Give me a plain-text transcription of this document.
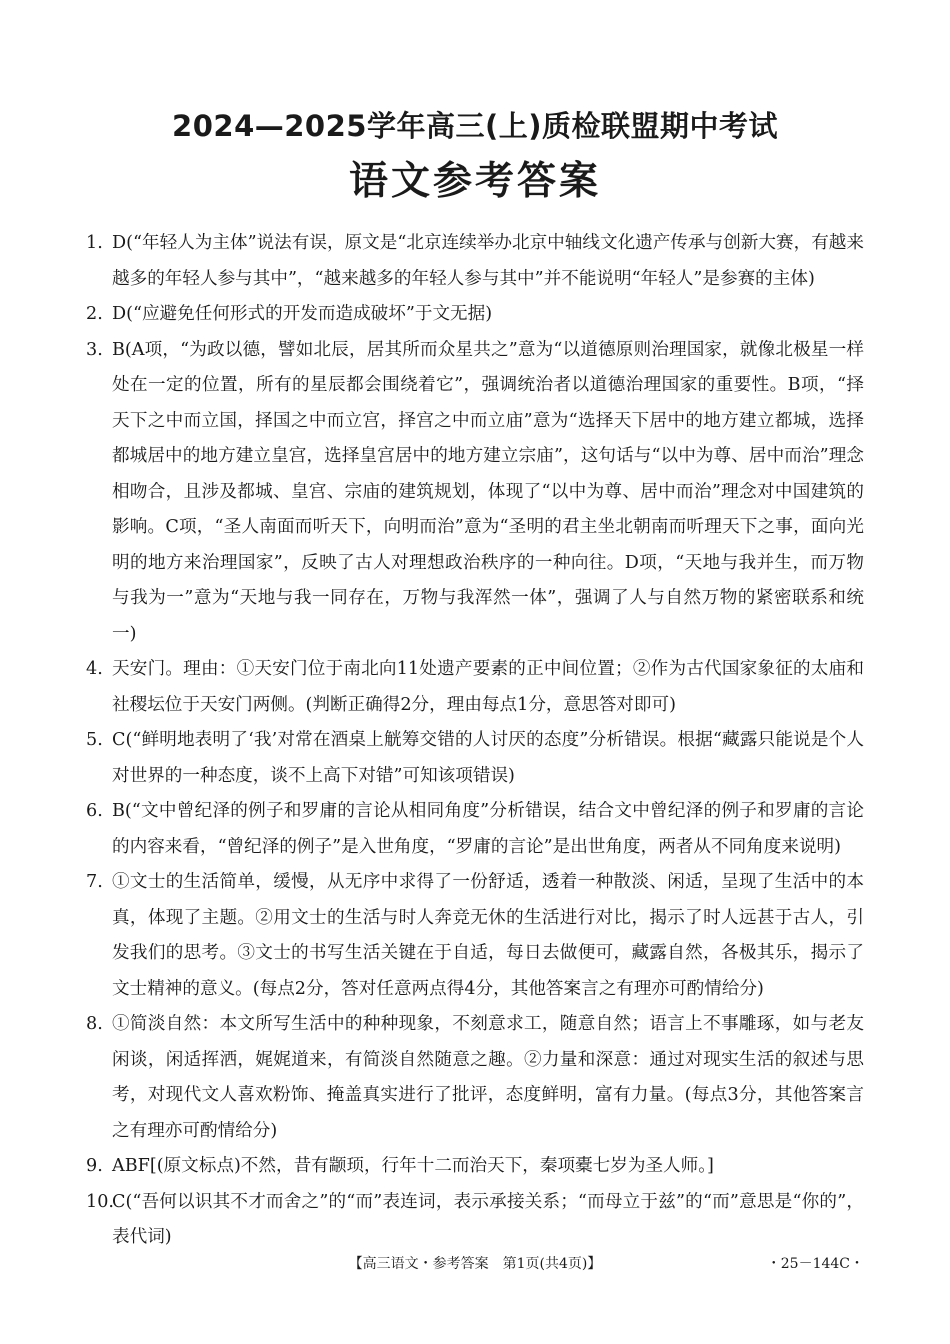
2024—2025学年高三(上)质检联盟期中考试
语文参考答案
1. D(“年轻人为主体”说法有误，原文是“北京连续举办北京中轴线文化遗产传承与创新大赛，有越来越多的年轻人参与其中”，“越来越多的年轻人参与其中”并不能说明“年轻人”是参赛的主体)
2. D(“应避免任何形式的开发而造成破坏”于文无据)
3. B(A项，“为政以德，譬如北辰，居其所而众星共之”意为“以道德原则治理国家，就像北极星一样处在一定的位置，所有的星辰都会围绕着它”，强调统治者以道德治理国家的重要性。B项，“择天下之中而立国，择国之中而立宫，择宫之中而立庙”意为“选择天下居中的地方建立都城，选择都城居中的地方建立皇宫，选择皇宫居中的地方建立宗庙”，这句话与“以中为尊、居中而治”理念相吻合，且涉及都城、皇宫、宗庙的建筑规划，体现了“以中为尊、居中而治”理念对中国建筑的影响。C项，“圣人南面而听天下，向明而治”意为“圣明的君主坐北朝南而听理天下之事，面向光明的地方来治理国家”，反映了古人对理想政治秩序的一种向往。D项，“天地与我并生，而万物与我为一”意为“天地与我一同存在，万物与我浑然一体”，强调了人与自然万物的紧密联系和统一)
4. 天安门。理由：①天安门位于南北向11处遗产要素的正中间位置；②作为古代国家象征的太庙和社稷坛位于天安门两侧。(判断正确得2分，理由每点1分，意思答对即可)
5. C(“鲜明地表明了‘我’对常在酒桌上觥筹交错的人讨厌的态度”分析错误。根据“藏露只能说是个人对世界的一种态度，谈不上高下对错”可知该项错误)
6. B(“文中曾纪泽的例子和罗庸的言论从相同角度”分析错误，结合文中曾纪泽的例子和罗庸的言论的内容来看，“曾纪泽的例子”是入世角度，“罗庸的言论”是出世角度，两者从不同角度来说明)
7. ①文士的生活简单，缓慢，从无序中求得了一份舒适，透着一种散淡、闲适，呈现了生活中的本真，体现了主题。②用文士的生活与时人奔竞无休的生活进行对比，揭示了时人远甚于古人，引发我们的思考。③文士的书写生活关键在于自适，每日去做便可，藏露自然，各极其乐，揭示了文士精神的意义。(每点2分，答对任意两点得4分，其他答案言之有理亦可酌情给分)
8. ①简淡自然：本文所写生活中的种种现象，不刻意求工，随意自然；语言上不事雕琢，如与老友闲谈，闲适挥洒，娓娓道来，有简淡自然随意之趣。②力量和深意：通过对现实生活的叙述与思考，对现代文人喜欢粉饰、掩盖真实进行了批评，态度鲜明，富有力量。(每点3分，其他答案言之有理亦可酌情给分)
9. ABF[(原文标点)不然，昔有颛顼，行年十二而治天下，秦项橐七岁为圣人师。]
10.
C(“吾何以识其不才而舍之”的“而”表连词，表示承接关系；“而母立于兹”的“而”意思是“你的”，表代词)
【高三语文・参考答案　第1页(共4页)】	・25－144C・
